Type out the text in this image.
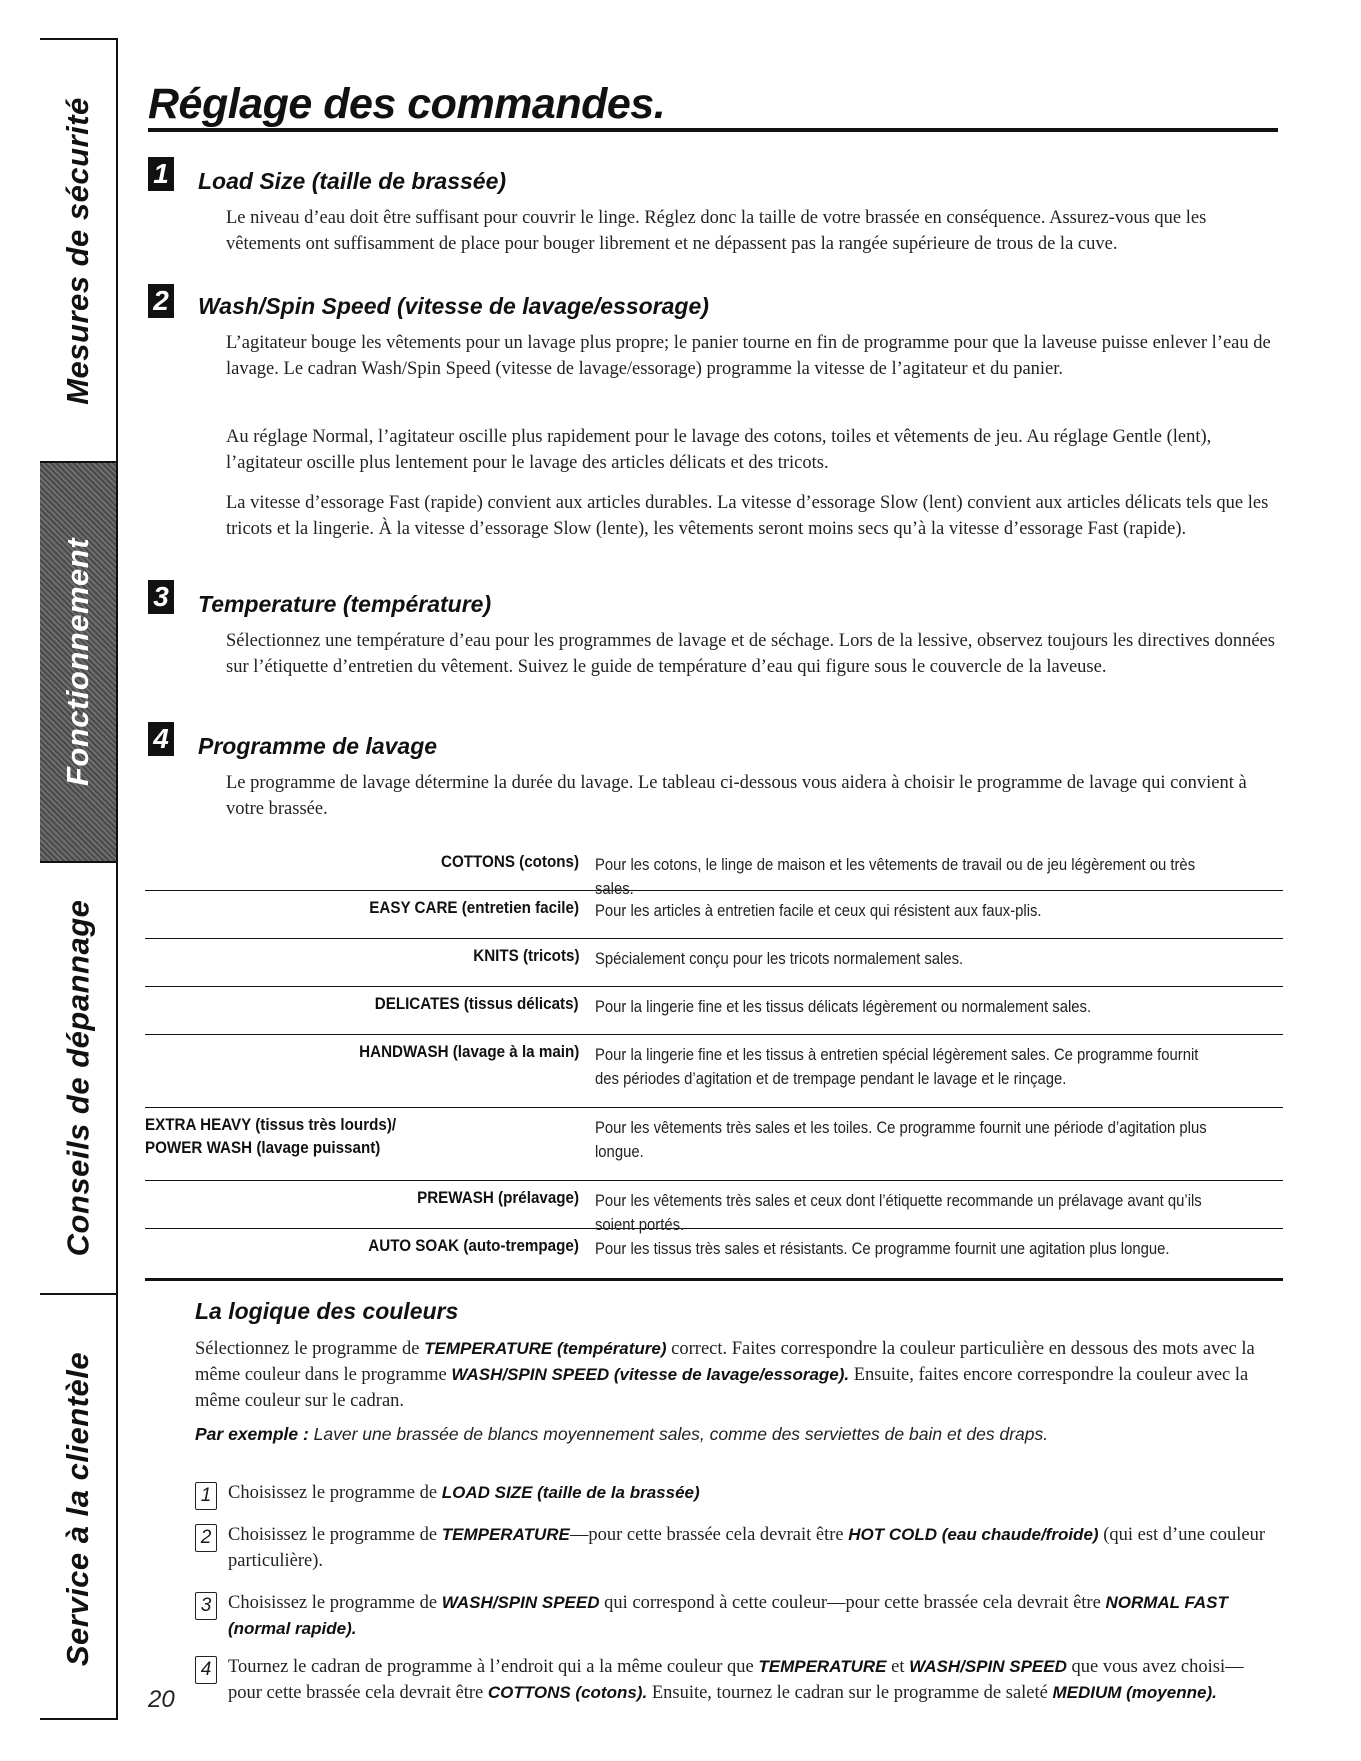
Mesures de sécurité
Fonctionnement
Conseils de dépannage
Service à la clientèle
Réglage des commandes.
1 Load Size (taille de brassée)

Le niveau d’eau doit être suffisant pour couvrir le linge. Réglez donc la taille de votre brassée en conséquence. Assurez-vous que les vêtements ont suffisamment de place pour bouger librement et ne dépassent pas la rangée supérieure de trous de la cuve.

2 Wash/Spin Speed (vitesse de lavage/essorage)

L’agitateur bouge les vêtements pour un lavage plus propre; le panier tourne en fin de programme pour que la laveuse puisse enlever l’eau de lavage. Le cadran Wash/Spin Speed (vitesse de lavage/essorage) programme la vitesse de l’agitateur et du panier.

Au réglage Normal, l’agitateur oscille plus rapidement pour le lavage des cotons, toiles et vêtements de jeu. Au réglage Gentle (lent), l’agitateur oscille plus lentement pour le lavage des articles délicats et des tricots.

La vitesse d’essorage Fast (rapide) convient aux articles durables. La vitesse d’essorage Slow (lent) convient aux articles délicats tels que les tricots et la lingerie. À la vitesse d’essorage Slow (lente), les vêtements seront moins secs qu’à la vitesse d’essorage Fast (rapide).

3 Temperature (température)

Sélectionnez une température d’eau pour les programmes de lavage et de séchage. Lors de la lessive, observez toujours les directives données sur l’étiquette d’entretien du vêtement. Suivez le guide de température d’eau qui figure sous le couvercle de la laveuse.

4 Programme de lavage

Le programme de lavage détermine la durée du lavage. Le tableau ci-dessous vous aidera à choisir le programme de lavage qui convient à votre brassée.

COTTONS (cotons) Pour les cotons, le linge de maison et les vêtements de travail ou de jeu légèrement ou très sales.
EASY CARE (entretien facile) Pour les articles à entretien facile et ceux qui résistent aux faux-plis.
KNITS (tricots) Spécialement conçu pour les tricots normalement sales.
DELICATES (tissus délicats) Pour la lingerie fine et les tissus délicats légèrement ou normalement sales.
HANDWASH (lavage à la main) Pour la lingerie fine et les tissus à entretien spécial légèrement sales. Ce programme fournit des périodes d’agitation et de trempage pendant le lavage et le rinçage.
EXTRA HEAVY (tissus très lourds)/ POWER WASH (lavage puissant)
Pour les vêtements très sales et les toiles. Ce programme fournit une période d’agitation plus longue.
PREWASH (prélavage) Pour les vêtements très sales et ceux dont l’étiquette recommande un prélavage avant qu’ils soient portés.
AUTO SOAK (auto-trempage) Pour les tissus très sales et résistants. Ce programme fournit une agitation plus longue.
La logique des couleurs

Sélectionnez le programme de TEMPERATURE (température) correct. Faites correspondre la couleur particulière en dessous des mots avec la même couleur dans le programme WASH/SPIN SPEED (vitesse de lavage/essorage). Ensuite, faites encore correspondre la couleur avec la même couleur sur le cadran.

Par exemple : Laver une brassée de blancs moyennement sales, comme des serviettes de bain et des draps.
1 Choisissez le programme de LOAD SIZE (taille de la brassée)
2 Choisissez le programme de TEMPERATURE—pour cette brassée cela devrait être HOT COLD (eau chaude/froide) (qui est d’une couleur particulière).
3 Choisissez le programme de WASH/SPIN SPEED qui correspond à cette couleur—pour cette brassée cela devrait être NORMAL FAST (normal rapide).
4 Tournez le cadran de programme à l’endroit qui a la même couleur que TEMPERATURE et WASH/SPIN SPEED que vous avez choisi—pour cette brassée cela devrait être COTTONS (cotons). Ensuite, tournez le cadran sur le programme de saleté MEDIUM (moyenne).
20
